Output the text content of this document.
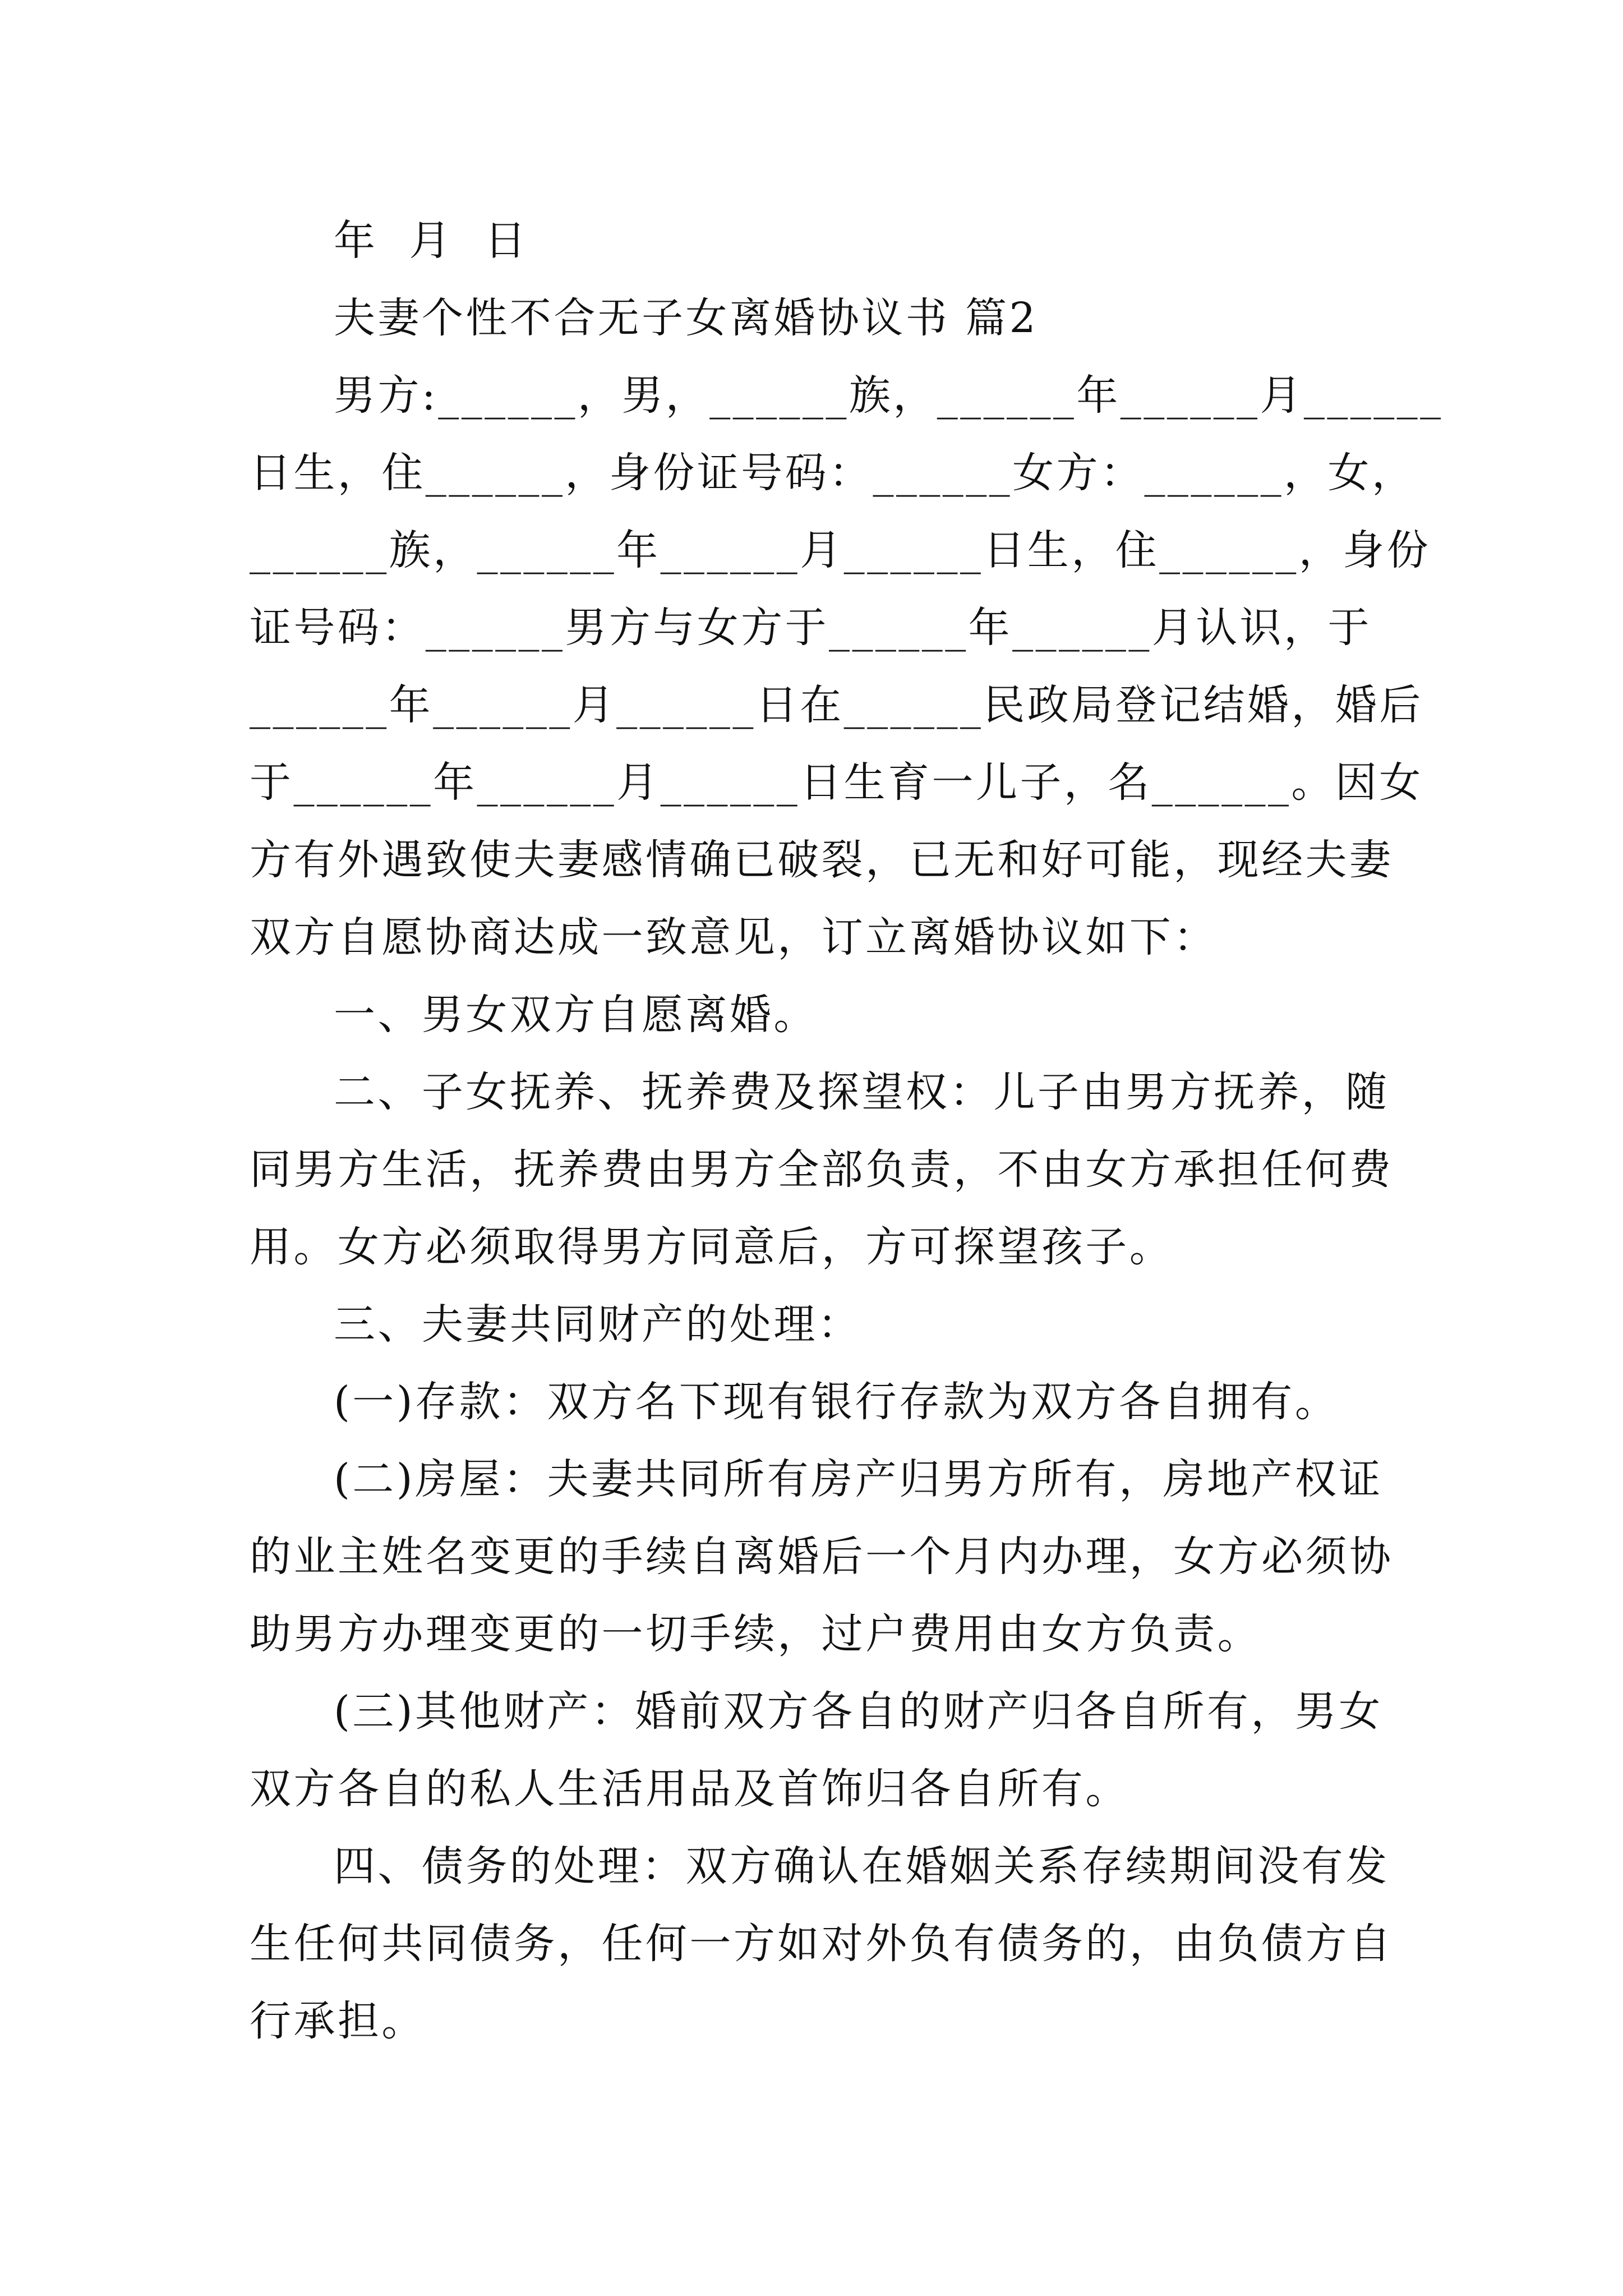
年  月  日
夫妻个性不合无子女离婚协议书 篇2
男方:______，男，______族，______年______月______
日生，住______，身份证号码：______女方：______，女，
______族，______年______月______日生，住______，身份
证号码：______男方与女方于______年______月认识，于
______年______月______日在______民政局登记结婚，婚后
于______年______月______日生育一儿子，名______。因女
方有外遇致使夫妻感情确已破裂，已无和好可能，现经夫妻
双方自愿协商达成一致意见，订立离婚协议如下：
一、男女双方自愿离婚。
二、子女抚养、抚养费及探望权：儿子由男方抚养，随
同男方生活，抚养费由男方全部负责，不由女方承担任何费
用。女方必须取得男方同意后，方可探望孩子。
三、夫妻共同财产的处理：
(一)存款：双方名下现有银行存款为双方各自拥有。
(二)房屋：夫妻共同所有房产归男方所有，房地产权证
的业主姓名变更的手续自离婚后一个月内办理，女方必须协
助男方办理变更的一切手续，过户费用由女方负责。
(三)其他财产：婚前双方各自的财产归各自所有，男女
双方各自的私人生活用品及首饰归各自所有。
四、债务的处理：双方确认在婚姻关系存续期间没有发
生任何共同债务，任何一方如对外负有债务的，由负债方自
行承担。
